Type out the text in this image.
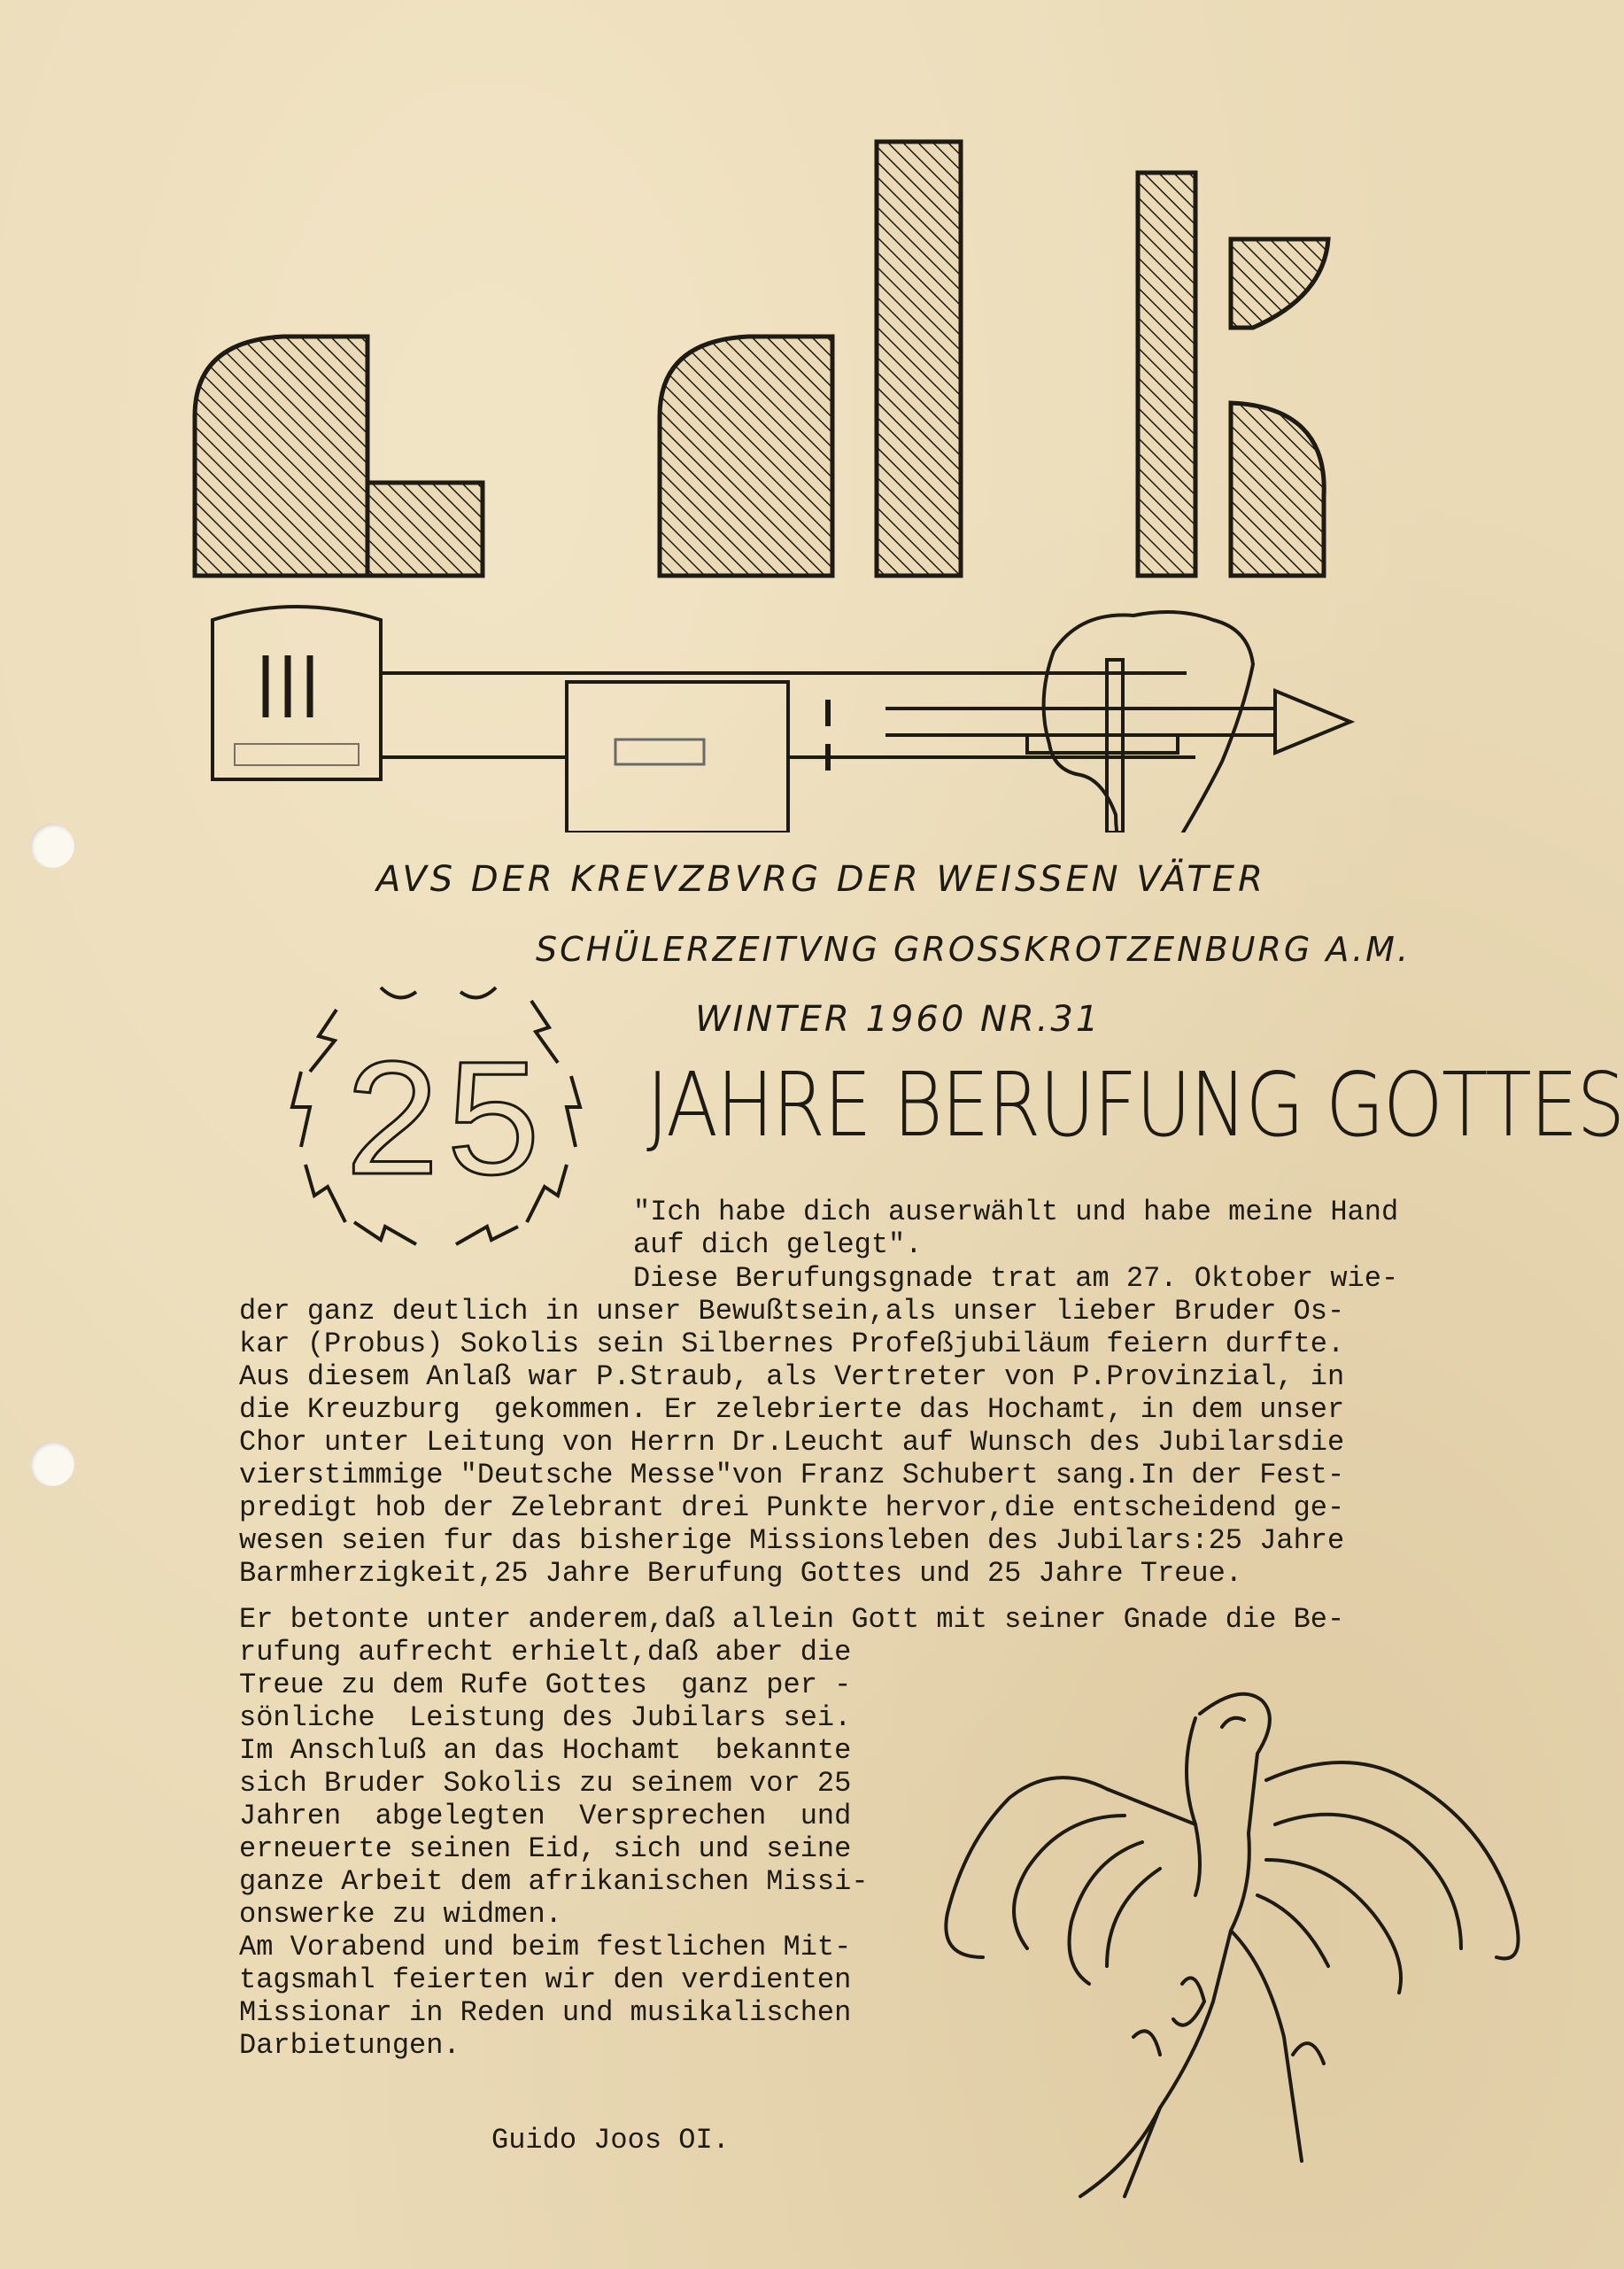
AVS DER KREVZBVRG DER WEISSEN VÄTER
SCHÜLERZEITVNG GROSSKROTZENBURG A.M.
WINTER 1960 NR.31
25 JAHRE BERUFUNG GOTTES

"Ich habe dich auserwählt und habe meine Hand

auf dich gelegt".

Diese Berufungsgnade trat am 27. Oktober wie-

der ganz deutlich in unser Bewußtsein,als unser lieber Bruder Os-

kar (Probus) Sokolis sein Silbernes Profeßjubiläum feiern durfte.

Aus diesem Anlaß war P.Straub, als Vertreter von P.Provinzial, in

die Kreuzburg  gekommen. Er zelebrierte das Hochamt, in dem unser

Chor unter Leitung von Herrn Dr.Leucht auf Wunsch des Jubilarsdie

vierstimmige "Deutsche Messe"von Franz Schubert sang.In der Fest-

predigt hob der Zelebrant drei Punkte hervor,die entscheidend ge-

wesen seien fur das bisherige Missionsleben des Jubilars:25 Jahre

Barmherzigkeit,25 Jahre Berufung Gottes und 25 Jahre Treue.

Er betonte unter anderem,daß allein Gott mit seiner Gnade die Be-

rufung aufrecht erhielt,daß aber die

Treue zu dem Rufe Gottes  ganz per -

sönliche  Leistung des Jubilars sei.

Im Anschluß an das Hochamt  bekannte

sich Bruder Sokolis zu seinem vor 25

Jahren  abgelegten  Versprechen  und

erneuerte seinen Eid, sich und seine

ganze Arbeit dem afrikanischen Missi-

onswerke zu widmen.

Am Vorabend und beim festlichen Mit-

tagsmahl feierten wir den verdienten

Missionar in Reden und musikalischen

Darbietungen.

Guido Joos OI.
